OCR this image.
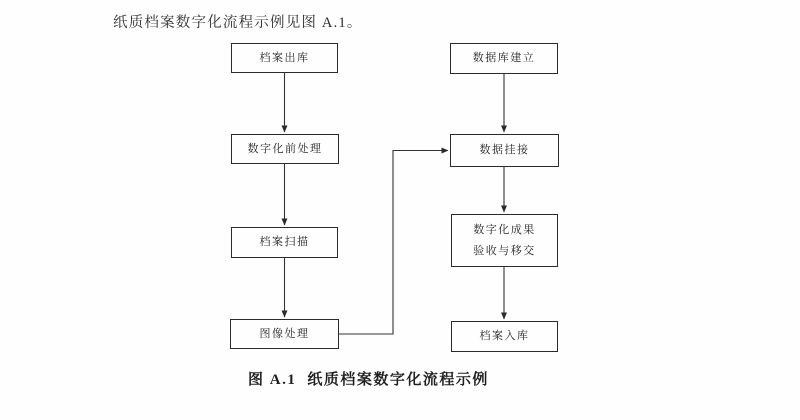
纸质档案数字化流程示例见图 A.1。
档案出库
数字化前处理
档案扫描
图像处理
数据库建立
数据挂接
数字化成果
验收与移交
档案入库
图 A.1 纸质档案数字化流程示例
